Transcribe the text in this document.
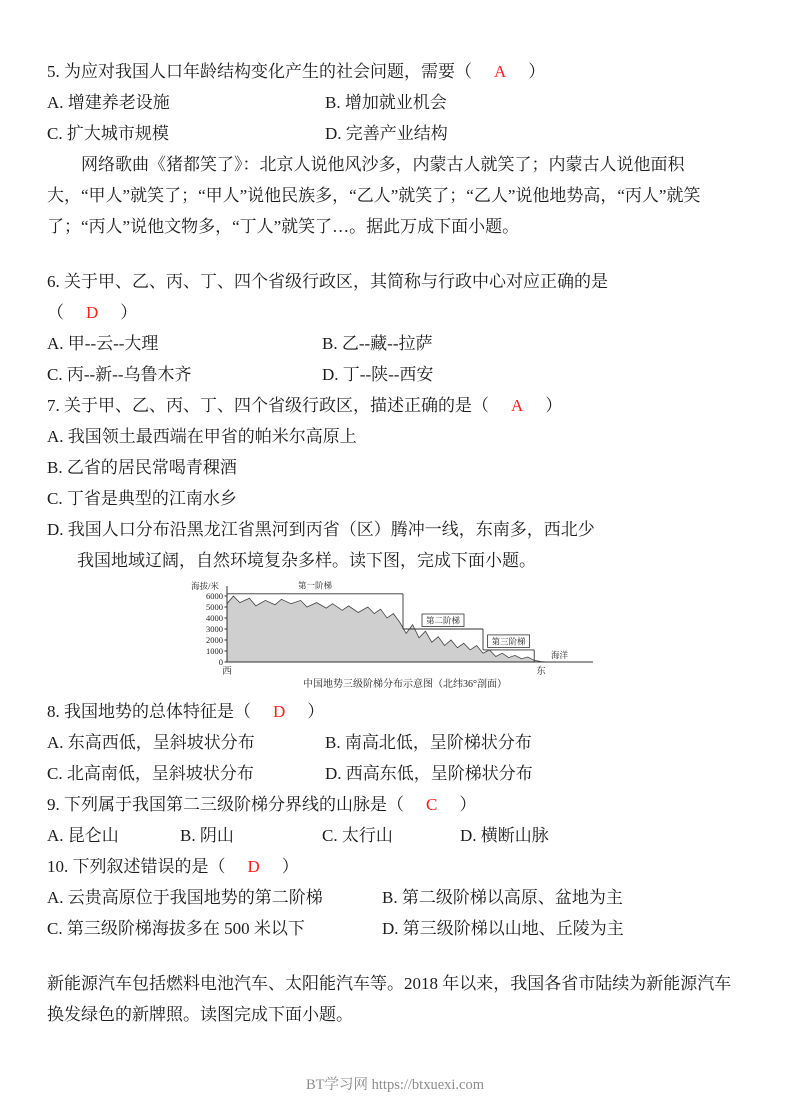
5. 为应对我国人口年龄结构变化产生的社会问题，需要（ A ）
A. 增建养老设施	B. 增加就业机会
C. 扩大城市规模	D. 完善产业结构

网络歌曲《猪都笑了》：北京人说他风沙多，内蒙古人就笑了；内蒙古人说他面积大，“甲人”就笑了；“甲人”说他民族多，“乙人”就笑了；“乙人”说他地势高，“丙人”就笑了；“丙人”说他文物多，“丁人”就笑了…。据此万成下面小题。

6. 关于甲、乙、丙、丁、四个省级行政区，其简称与行政中心对应正确的是
（ D ）
A. 甲--云--大理	B. 乙--藏--拉萨
C. 丙--新--乌鲁木齐	D. 丁--陕--西安
7. 关于甲、乙、丙、丁、四个省级行政区，描述正确的是（ A ）
A. 我国领土最西端在甲省的帕米尔高原上
B. 乙省的居民常喝青稞酒
C. 丁省是典型的江南水乡
D. 我国人口分布沿黑龙江省黑河到丙省（区）腾冲一线，东南多，西北少
我国地域辽阔，自然环境复杂多样。读下图，完成下面小题。
6000
5000
4000
3000
2000
1000
0
海拔/米	第一阶梯
第二阶梯
第三阶梯
海洋
西	东
中国地势三级阶梯分布示意图（北纬36°剖面）
8. 我国地势的总体特征是（ D ）
A. 东高西低，呈斜坡状分布	B. 南高北低，呈阶梯状分布
C. 北高南低，呈斜坡状分布	D. 西高东低，呈阶梯状分布
9. 下列属于我国第二三级阶梯分界线的山脉是（ C ）
A. 昆仑山	B. 阴山	C. 太行山	D. 横断山脉
10. 下列叙述错误的是（ D ）
A. 云贵高原位于我国地势的第二阶梯	B. 第二级阶梯以高原、盆地为主
C. 第三级阶梯海拔多在 500 米以下	D. 第三级阶梯以山地、丘陵为主

新能源汽车包括燃料电池汽车、太阳能汽车等。2018 年以来，我国各省市陆续为新能源汽车换发绿色的新牌照。读图完成下面小题。

BT学习网 https://btxuexi.com
